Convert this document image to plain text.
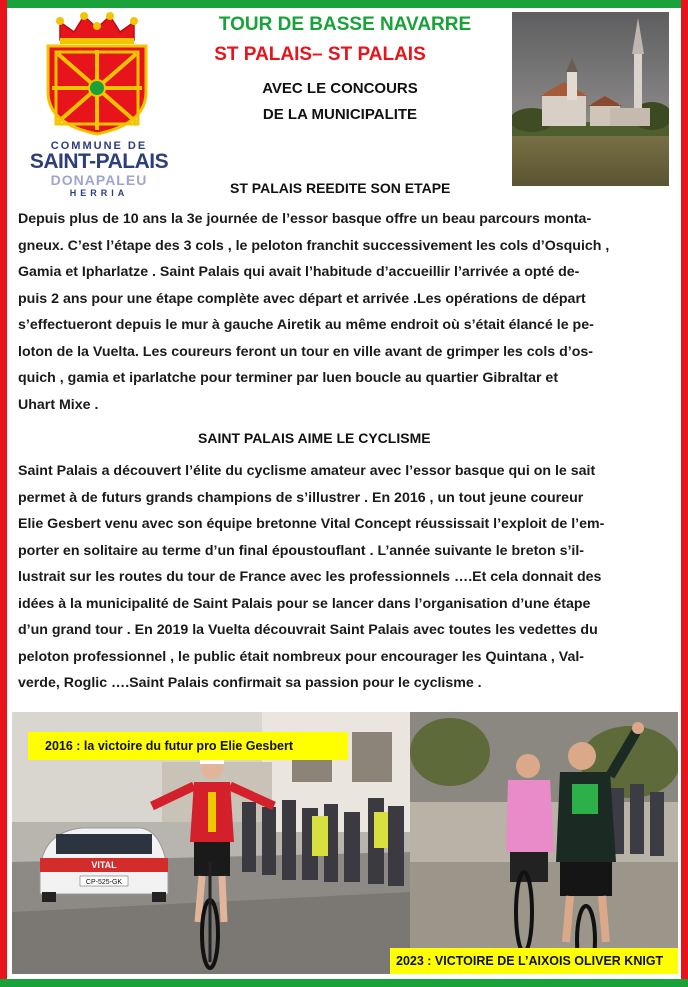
COMMUNE DE
SAINT-PALAIS
DONAPALEU
HERRIA
TOUR DE BASSE NAVARRE
ST PALAIS– ST PALAIS
AVEC LE CONCOURS
DE LA MUNICIPALITE
ST PALAIS REEDITE SON ETAPE

Depuis plus de 10 ans la 3e journée de l’essor basque offre un beau parcours monta-
gneux. C’est l’étape des 3 cols , le peloton franchit successivement les cols d’Osquich ,
Gamia et Ipharlatze . Saint Palais qui avait l’habitude d’accueillir l’arrivée a opté de-
puis 2 ans pour une étape complète avec départ et arrivée .Les opérations de départ
s’effectueront depuis le mur à gauche Airetik au même endroit où s’était élancé le pe-
loton de la Vuelta. Les coureurs feront un tour en ville avant de grimper les cols d’os-
quich , gamia et iparlatche pour terminer par luen boucle au quartier Gibraltar et
Uhart Mixe .

SAINT PALAIS AIME LE CYCLISME

Saint Palais a découvert l’élite du cyclisme amateur avec l’essor basque qui on le sait
permet à de futurs grands champions de s’illustrer . En 2016 , un tout jeune coureur
Elie Gesbert venu avec son équipe bretonne Vital Concept réussissait l’exploit de l’em-
porter en solitaire au terme d’un final époustouflant . L’année suivante le breton s’il-
lustrait sur les routes du tour de France avec les professionnels ….Et cela donnait des
idées à la municipalité de Saint Palais pour se lancer dans l’organisation d’une étape
d’un grand tour . En 2019 la Vuelta découvrait Saint Palais avec toutes les vedettes du
peloton professionnel , le public était nombreux pour encourager les Quintana , Val-
verde, Roglic ….Saint Palais confirmait sa passion pour le cyclisme .

VITAL
CP-525-GK
2016 : la victoire du futur pro Elie Gesbert
2023 : VICTOIRE DE L’AIXOIS OLIVER KNIGT
